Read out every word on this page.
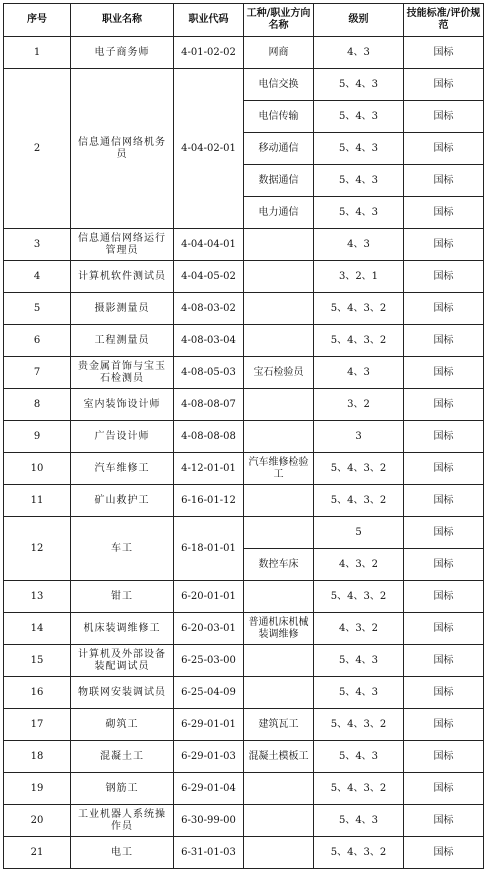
序号	职业名称	职业代码	工种/职业方向名称	级别	技能标准/评价规范
1	电子商务师	4-01-02-02	网商	4、3	国标
2	信息通信网络机务员	4-04-02-01	电信交换	5、4、3	国标
			电信传输	5、4、3	国标
			移动通信	5、4、3	国标
			数据通信	5、4、3	国标
			电力通信	5、4、3	国标
3	信息通信网络运行管理员	4-04-04-01		4、3	国标
4	计算机软件测试员	4-04-05-02		3、2、1	国标
5	摄影测量员	4-08-03-02		5、4、3、2	国标
6	工程测量员	4-08-03-04		5、4、3、2	国标
7	贵金属首饰与宝玉石检测员	4-08-05-03	宝石检验员	4、3	国标
8	室内装饰设计师	4-08-08-07		3、2	国标
9	广告设计师	4-08-08-08		3	国标
10	汽车维修工	4-12-01-01	汽车维修检验工	5、4、3、2	国标
11	矿山救护工	6-16-01-12		5、4、3、2	国标
12	车工	6-18-01-01		5	国标
			数控车床	4、3、2	国标
13	钳工	6-20-01-01		5、4、3、2	国标
14	机床装调维修工	6-20-03-01	普通机床机械装调维修	4、3、2	国标
15	计算机及外部设备装配调试员	6-25-03-00		5、4、3	国标
16	物联网安装调试员	6-25-04-09		5、4、3	国标
17	砌筑工	6-29-01-01	建筑瓦工	5、4、3、2	国标
18	混凝土工	6-29-01-03	混凝土模板工	5、4、3	国标
19	钢筋工	6-29-01-04		5、4、3、2	国标
20	工业机器人系统操作员	6-30-99-00		5、4、3	国标
21	电工	6-31-01-03		5、4、3、2	国标
